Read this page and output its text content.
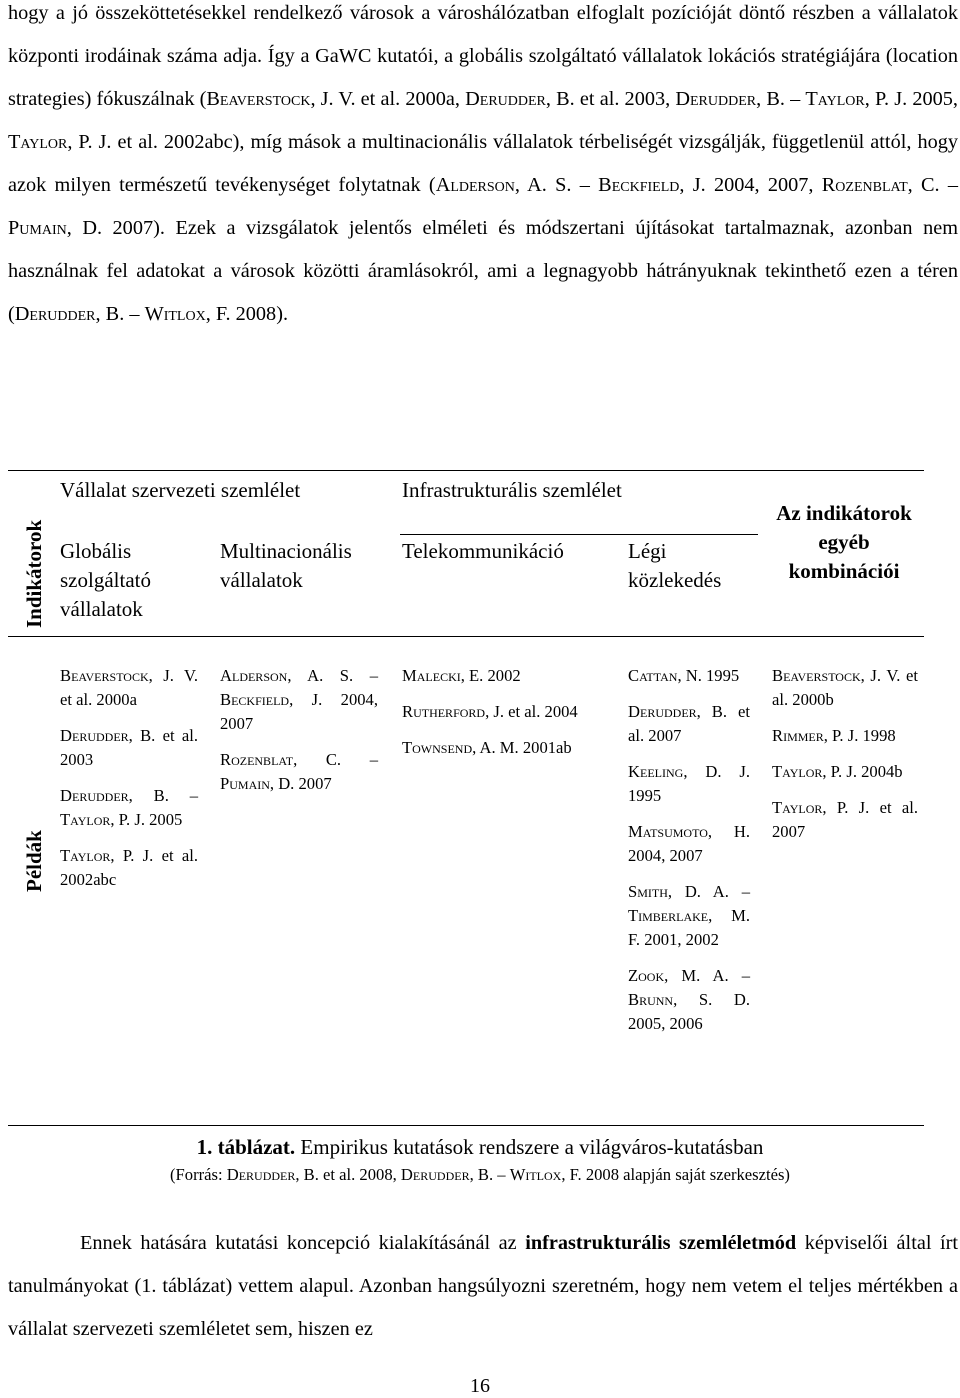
hogy a jó összeköttetésekkel rendelkező városok a városhálózatban elfoglalt pozícióját döntő részben a vállalatok központi irodáinak száma adja. Így a GaWC kutatói, a globális szolgáltató vállalatok lokációs stratégiájára (location strategies) fókuszálnak (Beaverstock, J. V. et al. 2000a, Derudder, B. et al. 2003, Derudder, B. – Taylor, P. J. 2005, Taylor, P. J. et al. 2002abc), míg mások a multinacionális vállalatok térbeliségét vizsgálják, függetlenül attól, hogy azok milyen természetű tevékenységet folytatnak (Alderson, A. S. – Beckfield, J. 2004, 2007, Rozenblat, C. – Pumain, D. 2007). Ezek a vizsgálatok jelentős elméleti és módszertani újításokat tartalmaznak, azonban nem használnak fel adatokat a városok közötti áramlásokról, ami a legnagyobb hátrányuknak tekinthető ezen a téren (Derudder, B. – Witlox, F. 2008).
Indikátorok
Példák
Vállalat szervezeti szemlélet	Infrastrukturális szemlélet
Globális szolgáltató vállalatok
Multinacionális vállalatok
Telekommunikáció	Légi közlekedés
Az indikátorok egyéb kombinációi
Beaverstock, J. V. et al. 2000a
Derudder, B. et al. 2003
Derudder, B. – Taylor, P. J. 2005
Taylor, P. J. et al. 2002abc
Alderson, A. S. – Beckfield, J. 2004, 2007
Rozenblat, C. – Pumain, D. 2007
Malecki, E. 2002
Rutherford, J. et al. 2004
Townsend, A. M. 2001ab
Cattan, N. 1995
Derudder, B. et al. 2007
Keeling, D. J. 1995
Matsumoto, H. 2004, 2007
Smith, D. A. – Timberlake, M. F. 2001, 2002
Zook, M. A. – Brunn, S. D. 2005, 2006
Beaverstock, J. V. et al. 2000b
Rimmer, P. J. 1998
Taylor, P. J. 2004b
Taylor, P. J. et al. 2007
1. táblázat. Empirikus kutatások rendszere a világváros-kutatásban
(Forrás: Derudder, B. et al. 2008, Derudder, B. – Witlox, F. 2008 alapján saját szerkesztés)
Ennek hatására kutatási koncepció kialakításánál az infrastrukturális szemléletmód képviselői által írt tanulmányokat (1. táblázat) vettem alapul. Azonban hangsúlyozni szeretném, hogy nem vetem el teljes mértékben a vállalat szervezeti szemléletet sem, hiszen ez
16
